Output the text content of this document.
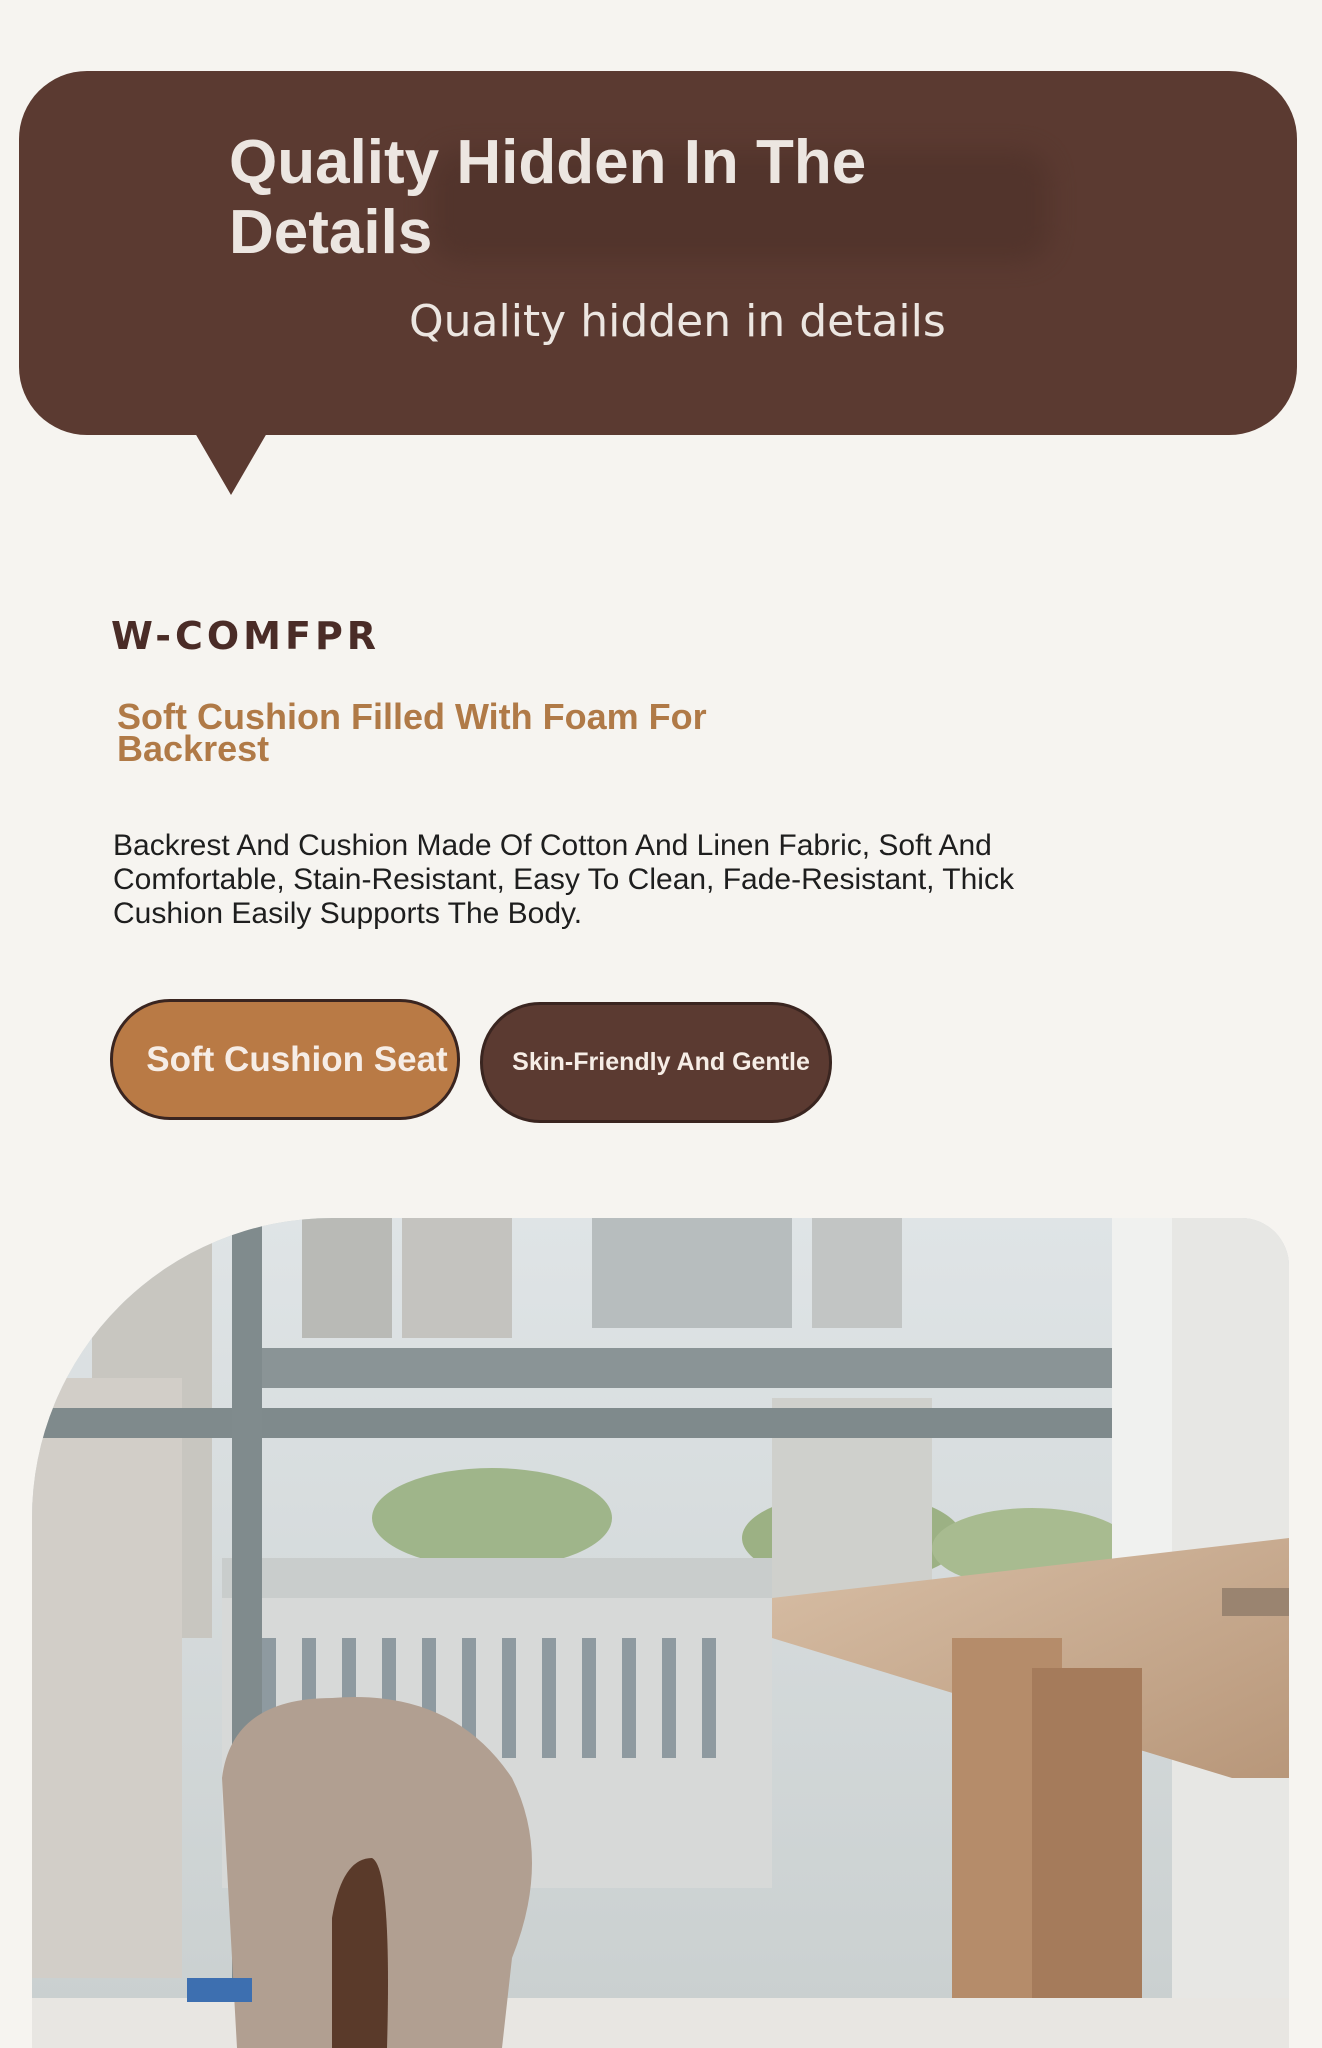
Quality Hidden In The Details

Quality hidden in details

W-COMFPR

Soft Cushion Filled With Foam For Backrest

Backrest And Cushion Made Of Cotton And Linen Fabric, Soft And Comfortable, Stain-Resistant, Easy To Clean, Fade-Resistant, Thick Cushion Easily Supports The Body.

Soft Cushion Seat	Skin-Friendly And Gentle
